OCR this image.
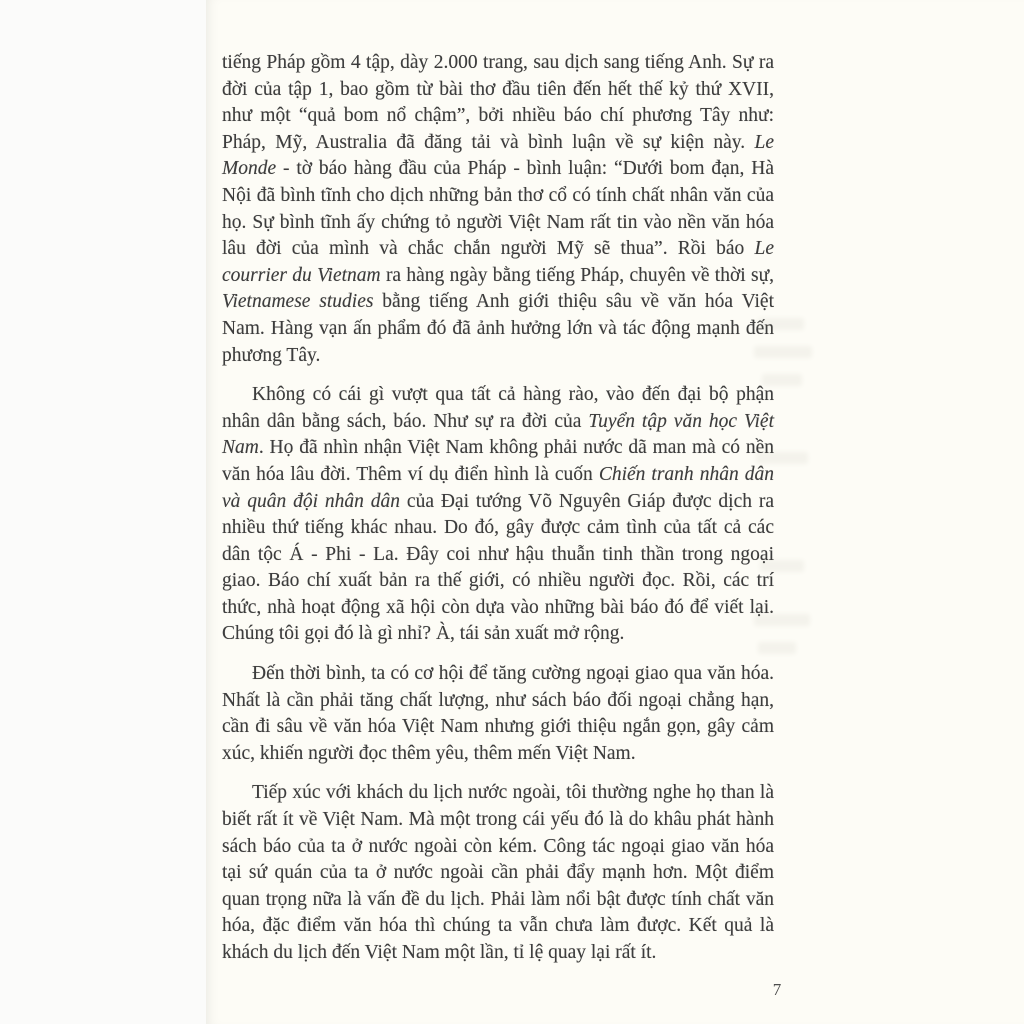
tiếng Pháp gồm 4 tập, dày 2.000 trang, sau dịch sang tiếng Anh. Sự ra đời của tập 1, bao gồm từ bài thơ đầu tiên đến hết thế kỷ thứ XVII, như một “quả bom nổ chậm”, bởi nhiều báo chí phương Tây như: Pháp, Mỹ, Australia đã đăng tải và bình luận về sự kiện này. Le Monde - tờ báo hàng đầu của Pháp - bình luận: “Dưới bom đạn, Hà Nội đã bình tĩnh cho dịch những bản thơ cổ có tính chất nhân văn của họ. Sự bình tĩnh ấy chứng tỏ người Việt Nam rất tin vào nền văn hóa lâu đời của mình và chắc chắn người Mỹ sẽ thua”. Rồi báo Le courrier du Vietnam ra hàng ngày bằng tiếng Pháp, chuyên về thời sự, Vietnamese studies bằng tiếng Anh giới thiệu sâu về văn hóa Việt Nam. Hàng vạn ấn phẩm đó đã ảnh hưởng lớn và tác động mạnh đến phương Tây.

Không có cái gì vượt qua tất cả hàng rào, vào đến đại bộ phận nhân dân bằng sách, báo. Như sự ra đời của Tuyển tập văn học Việt Nam. Họ đã nhìn nhận Việt Nam không phải nước dã man mà có nền văn hóa lâu đời. Thêm ví dụ điển hình là cuốn Chiến tranh nhân dân và quân đội nhân dân của Đại tướng Võ Nguyên Giáp được dịch ra nhiều thứ tiếng khác nhau. Do đó, gây được cảm tình của tất cả các dân tộc Á - Phi - La. Đây coi như hậu thuẫn tinh thần trong ngoại giao. Báo chí xuất bản ra thế giới, có nhiều người đọc. Rồi, các trí thức, nhà hoạt động xã hội còn dựa vào những bài báo đó để viết lại. Chúng tôi gọi đó là gì nhỉ? À, tái sản xuất mở rộng.

Đến thời bình, ta có cơ hội để tăng cường ngoại giao qua văn hóa. Nhất là cần phải tăng chất lượng, như sách báo đối ngoại chẳng hạn, cần đi sâu về văn hóa Việt Nam nhưng giới thiệu ngắn gọn, gây cảm xúc, khiến người đọc thêm yêu, thêm mến Việt Nam.

Tiếp xúc với khách du lịch nước ngoài, tôi thường nghe họ than là biết rất ít về Việt Nam. Mà một trong cái yếu đó là do khâu phát hành sách báo của ta ở nước ngoài còn kém. Công tác ngoại giao văn hóa tại sứ quán của ta ở nước ngoài cần phải đẩy mạnh hơn. Một điểm quan trọng nữa là vấn đề du lịch. Phải làm nổi bật được tính chất văn hóa, đặc điểm văn hóa thì chúng ta vẫn chưa làm được. Kết quả là khách du lịch đến Việt Nam một lần, tỉ lệ quay lại rất ít.

7
